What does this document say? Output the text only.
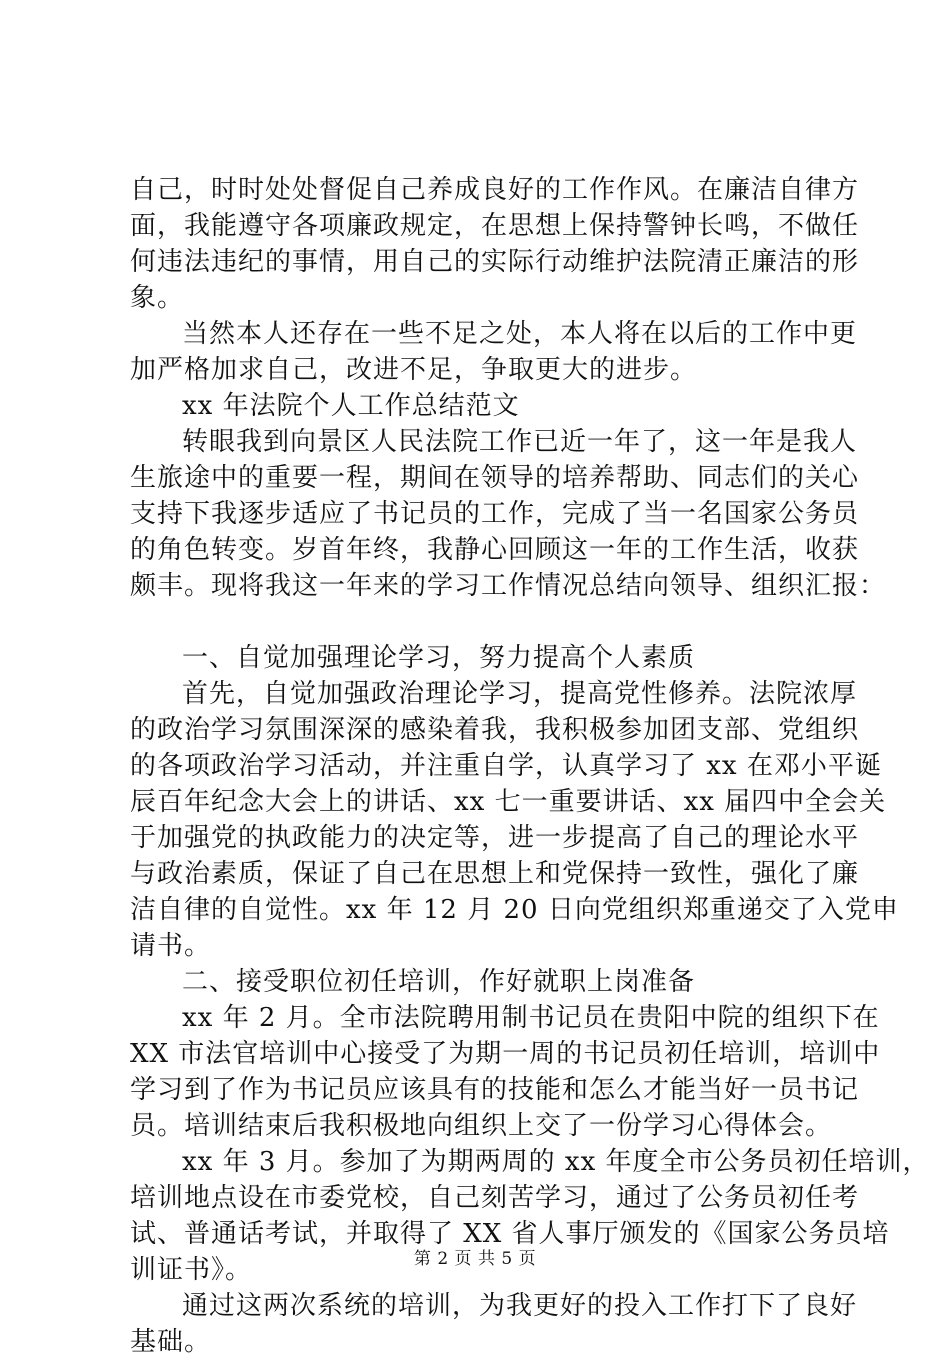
自己，时时处处督促自己养成良好的工作作风。在廉洁自律方
面，我能遵守各项廉政规定，在思想上保持警钟长鸣，不做任
何违法违纪的事情，用自己的实际行动维护法院清正廉洁的形
象。
当然本人还存在一些不足之处，本人将在以后的工作中更
加严格加求自己，改进不足，争取更大的进步。
xx 年法院个人工作总结范文
转眼我到向景区人民法院工作已近一年了，这一年是我人
生旅途中的重要一程，期间在领导的培养帮助、同志们的关心
支持下我逐步适应了书记员的工作，完成了当一名国家公务员
的角色转变。岁首年终，我静心回顾这一年的工作生活，收获
颇丰。现将我这一年来的学习工作情况总结向领导、组织汇报：
一、自觉加强理论学习，努力提高个人素质
首先，自觉加强政治理论学习，提高党性修养。法院浓厚
的政治学习氛围深深的感染着我，我积极参加团支部、党组织
的各项政治学习活动，并注重自学，认真学习了 xx 在邓小平诞
辰百年纪念大会上的讲话、xx 七一重要讲话、xx 届四中全会关
于加强党的执政能力的决定等，进一步提高了自己的理论水平
与政治素质，保证了自己在思想上和党保持一致性，强化了廉
洁自律的自觉性。xx 年 12 月 20 日向党组织郑重递交了入党申
请书。
二、接受职位初任培训，作好就职上岗准备
xx 年 2 月。全市法院聘用制书记员在贵阳中院的组织下在
XX 市法官培训中心接受了为期一周的书记员初任培训，培训中
学习到了作为书记员应该具有的技能和怎么才能当好一员书记
员。培训结束后我积极地向组织上交了一份学习心得体会。
xx 年 3 月。参加了为期两周的 xx 年度全市公务员初任培训，
培训地点设在市委党校，自己刻苦学习，通过了公务员初任考
试、普通话考试，并取得了 XX 省人事厅颁发的《国家公务员培
训证书》。
通过这两次系统的培训，为我更好的投入工作打下了良好
基础。
第 2 页 共 5 页
